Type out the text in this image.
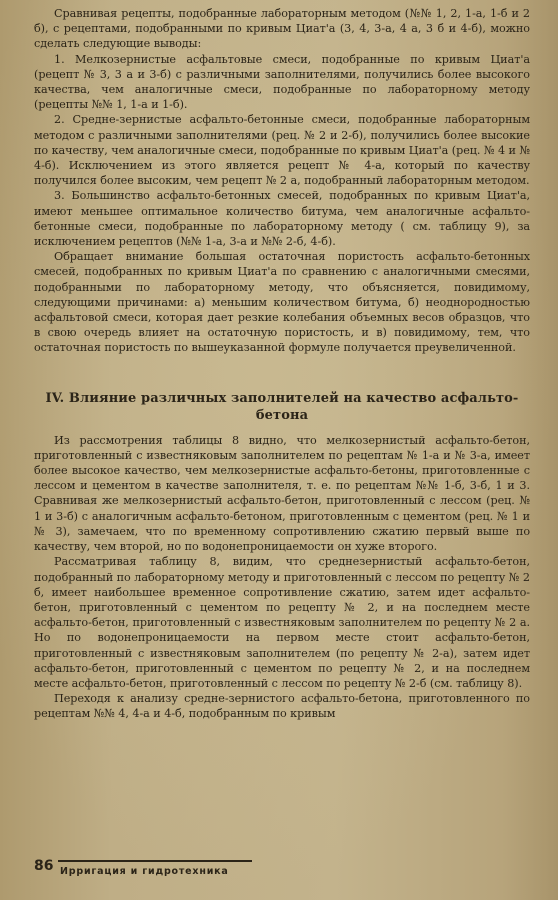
Сравнивая рецепты, подобранные лабораторным методом (№№ 1, 2, 1-а, 1-б и 2 б), с рецептами, подобранными по кривым Циат'а (3, 4, 3-а, 4 а, 3 б и 4-б), можно сделать следующие выводы:

1. Мелкозернистые асфальтовые смеси, подобранные по кривым Циат'а (рецепт № 3, 3 а и 3-б) с различными заполнителями, получились более высокого качества, чем аналогичные смеси, подобранные по лабораторному методу (рецепты №№ 1, 1-а и 1-б).

2. Средне-зернистые асфальто-бетонные смеси, подобранные лабораторным методом с различными заполнителями (рец. № 2 и 2-б), получились более высокие по качеству, чем аналогичные смеси, подобранные по кривым Циат'а (рец. № 4 и № 4-б). Исключением из этого является рецепт № 4-а, который по качеству получился более высоким, чем рецепт № 2 а, подобранный лабораторным методом.

3. Большинство асфальто-бетонных смесей, подобранных по кривым Циат'а, имеют меньшее оптимальное количество битума, чем аналогичные асфальто-бетонные смеси, подобранные по лабораторному методу ( см. таблицу 9), за исключением рецептов (№№ 1-а, 3-а и №№ 2-б, 4-б).

Обращает внимание большая остаточная пористость асфальто-бетонных смесей, подобранных по кривым Циат'а по сравнению с аналогичными смесями, подобранными по лабораторному методу, что объясняется, повидимому, следующими причинами: а) меньшим количеством битума, б) неоднородностью асфальтовой смеси, которая дает резкие колебания объемных весов образцов, что в свою очередь влияет на остаточную пористость, и в) повидимому, тем, что остаточная пористость по вышеуказанной формуле получается преувеличенной.

IV. Влияние различных заполнителей на качество асфальто-бетона

Из рассмотрения таблицы 8 видно, что мелкозернистый асфальто-бетон, приготовленный с известняковым заполнителем по рецептам № 1-а и № 3-а, имеет более высокое качество, чем мелкозернистые асфальто-бетоны, приготовленные с лессом и цементом в качестве заполнителя, т. е. по рецептам №№ 1-б, 3-б, 1 и 3. Сравнивая же мелкозернистый асфальто-бетон, приготовленный с лессом (рец. № 1 и 3-б) с аналогичным асфальто-бетоном, приготовленным с цементом (рец. № 1 и № 3), замечаем, что по временному сопротивлению сжатию первый выше по качеству, чем второй, но по водонепроницаемости он хуже второго.

Рассматривая таблицу 8, видим, что среднезернистый асфальто-бетон, подобранный по лабораторному методу и приготовленный с лессом по рецепту № 2 б, имеет наибольшее временное сопротивление сжатию, затем идет асфальто-бетон, приготовленный с цементом по рецепту № 2, и на последнем месте асфальто-бетон, приготовленный с известняковым заполнителем по рецепту № 2 а. Но по водонепроницаемости на первом месте стоит асфальто-бетон, приготовленный с известняковым заполнителем (по рецепту № 2-а), затем идет асфальто-бетон, приготовленный с цементом по рецепту № 2, и на последнем месте асфальто-бетон, приготовленный с лессом по рецепту № 2-б (см. таблицу 8).

Переходя к анализу средне-зернистого асфальто-бетона, приготовленного по рецептам №№ 4, 4-а и 4-б, подобранным по кривым

86 Ирригация и гидротехника
